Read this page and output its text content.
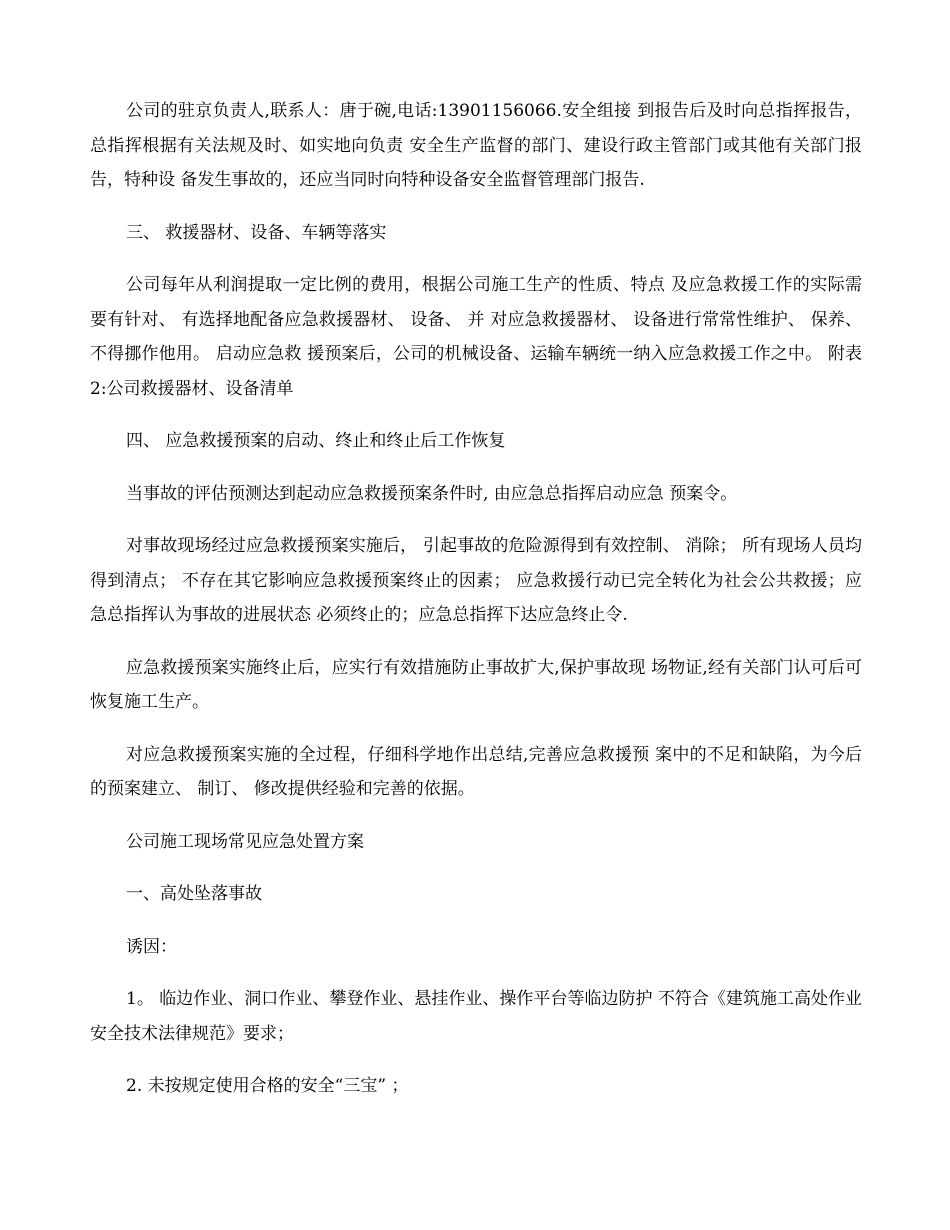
公司的驻京负责人,联系人：唐于碗,电话:13901156066.安全组接 到报告后及时向总指挥报告，总指挥根据有关法规及时、如实地向负责 安全生产监督的部门、建设行政主管部门或其他有关部门报告，特种设 备发生事故的，还应当同时向特种设备安全监督管理部门报告.

三、 救援器材、设备、车辆等落实

公司每年从利润提取一定比例的费用，根据公司施工生产的性质、特点 及应急救援工作的实际需要有针对、 有选择地配备应急救援器材、 设备、 并 对应急救援器材、 设备进行常常性维护、 保养、 不得挪作他用。 启动应急救 援预案后，公司的机械设备、运输车辆统一纳入应急救援工作之中。 附表 2:公司救援器材、设备清单

四、 应急救援预案的启动、终止和终止后工作恢复

当事故的评估预测达到起动应急救援预案条件时, 由应急总指挥启动应急 预案令。

对事故现场经过应急救援预案实施后， 引起事故的危险源得到有效控制、 消除； 所有现场人员均得到清点； 不存在其它影响应急救援预案终止的因素； 应急救援行动已完全转化为社会公共救援；应急总指挥认为事故的进展状态 必须终止的；应急总指挥下达应急终止令.

应急救援预案实施终止后，应实行有效措施防止事故扩大,保护事故现 场物证,经有关部门认可后可恢复施工生产。

对应急救援预案实施的全过程，仔细科学地作出总结,完善应急救援预 案中的不足和缺陷，为今后的预案建立、 制订、 修改提供经验和完善的依据。

公司施工现场常见应急处置方案

一、高处坠落事故

诱因：

1。 临边作业、洞口作业、攀登作业、悬挂作业、操作平台等临边防护 不符合《建筑施工高处作业安全技术法律规范》要求；

2. 未按规定使用合格的安全“三宝” ；
